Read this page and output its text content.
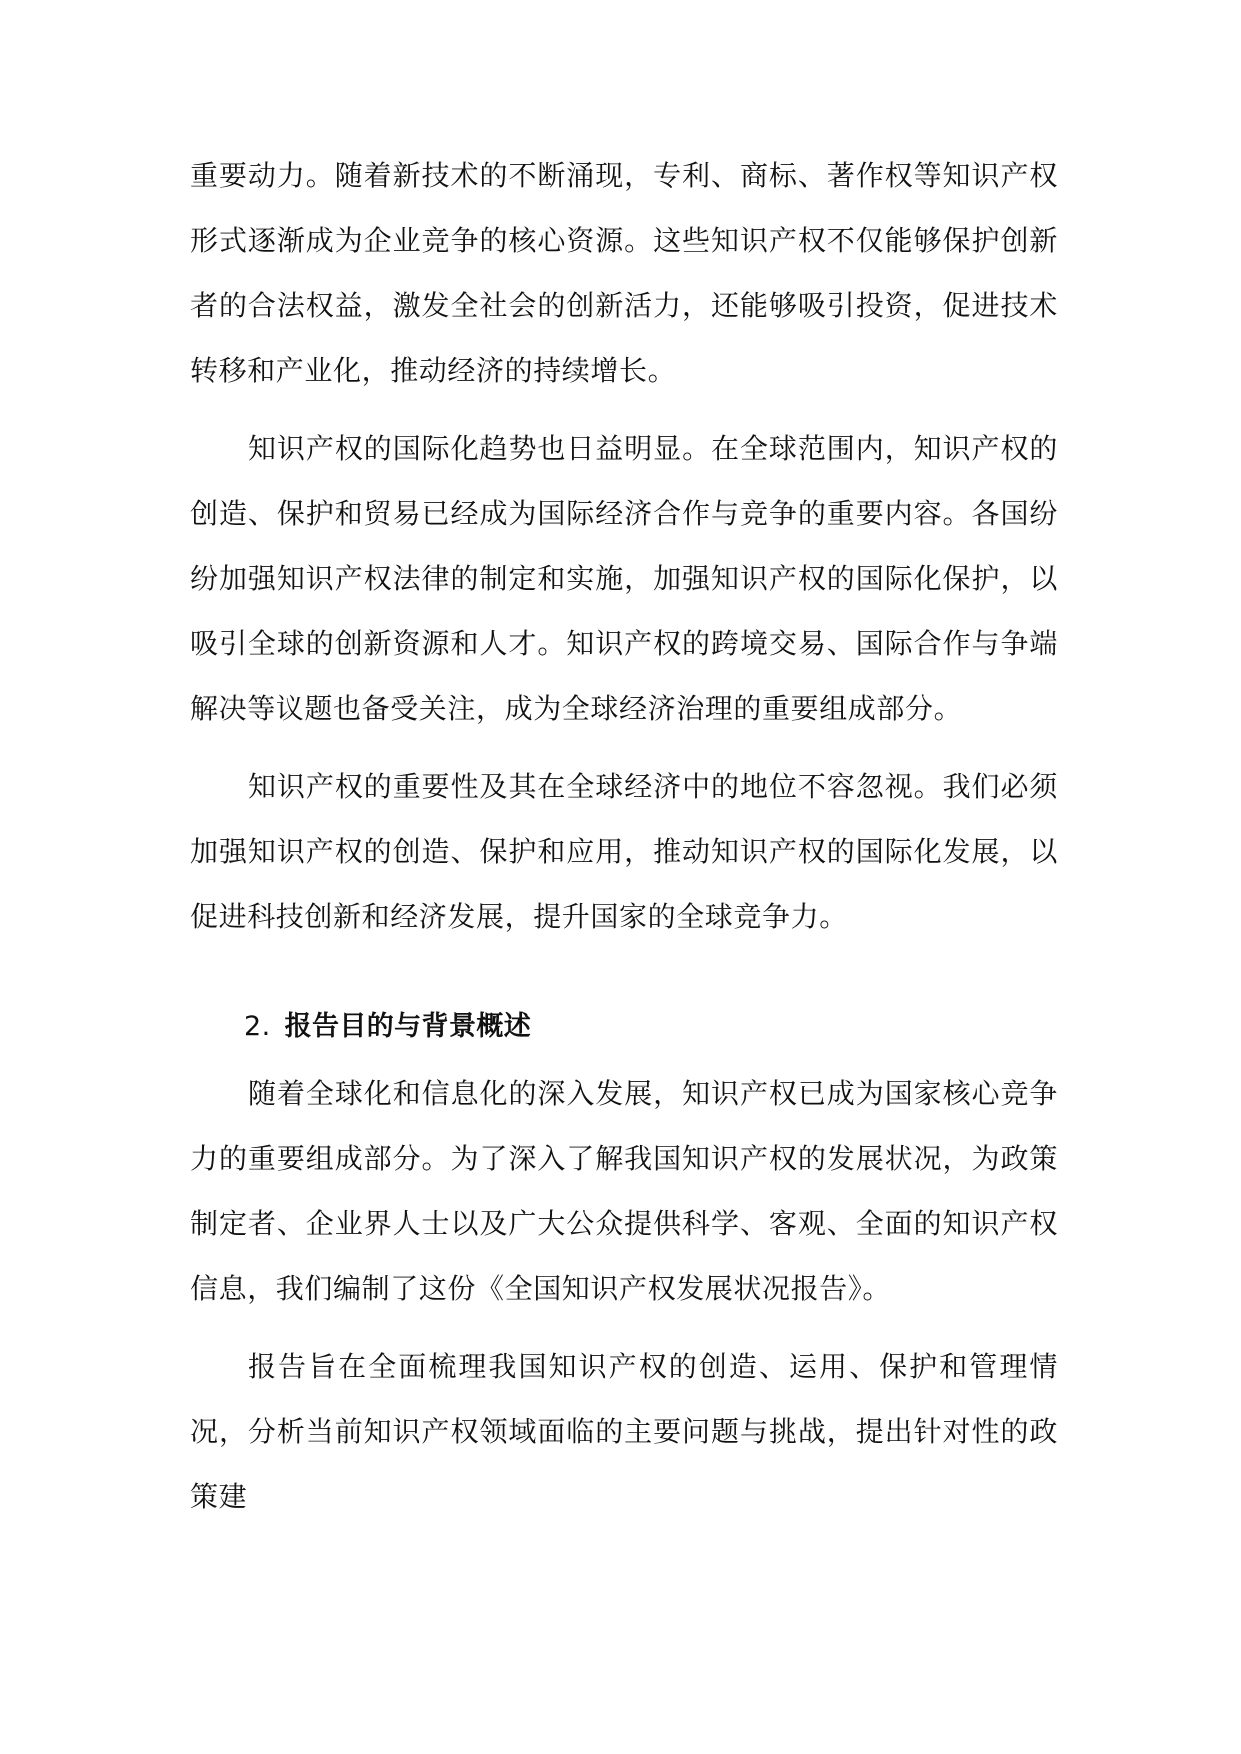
重要动力。随着新技术的不断涌现，专利、商标、著作权等知识产权形式逐渐成为企业竞争的核心资源。这些知识产权不仅能够保护创新者的合法权益，激发全社会的创新活力，还能够吸引投资，促进技术转移和产业化，推动经济的持续增长。

知识产权的国际化趋势也日益明显。在全球范围内，知识产权的创造、保护和贸易已经成为国际经济合作与竞争的重要内容。各国纷纷加强知识产权法律的制定和实施，加强知识产权的国际化保护，以吸引全球的创新资源和人才。知识产权的跨境交易、国际合作与争端解决等议题也备受关注，成为全球经济治理的重要组成部分。

知识产权的重要性及其在全球经济中的地位不容忽视。我们必须加强知识产权的创造、保护和应用，推动知识产权的国际化发展，以促进科技创新和经济发展，提升国家的全球竞争力。

2. 报告目的与背景概述

随着全球化和信息化的深入发展，知识产权已成为国家核心竞争力的重要组成部分。为了深入了解我国知识产权的发展状况，为政策制定者、企业界人士以及广大公众提供科学、客观、全面的知识产权信息，我们编制了这份《全国知识产权发展状况报告》。

报告旨在全面梳理我国知识产权的创造、运用、保护和管理情况，分析当前知识产权领域面临的主要问题与挑战，提出针对性的政策建
